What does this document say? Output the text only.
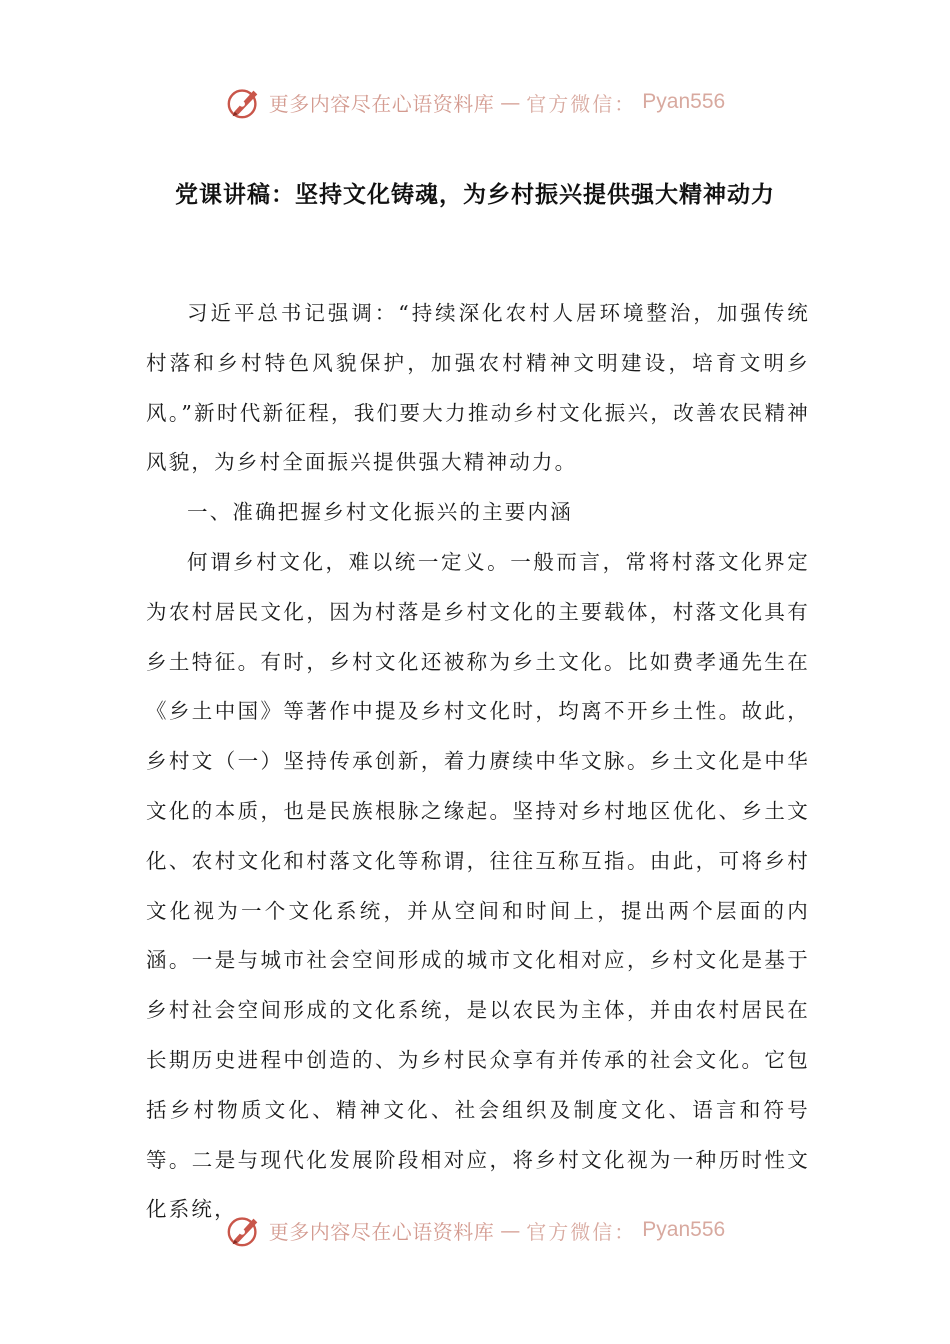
更多内容尽在心语资料库 — 官方微信： Pyan556
党课讲稿：坚持文化铸魂，为乡村振兴提供强大精神动力

习近平总书记强调：“持续深化农村人居环境整治，加强传统村落和乡村特色风貌保护，加强农村精神文明建设，培育文明乡风。”新时代新征程，我们要大力推动乡村文化振兴，改善农民精神风貌，为乡村全面振兴提供强大精神动力。

一、准确把握乡村文化振兴的主要内涵

何谓乡村文化，难以统一定义。一般而言，常将村落文化界定为农村居民文化，因为村落是乡村文化的主要载体，村落文化具有乡土特征。有时，乡村文化还被称为乡土文化。比如费孝通先生在《乡土中国》等著作中提及乡村文化时，均离不开乡土性。故此，乡村文（一）坚持传承创新，着力赓续中华文脉。乡土文化是中华文化的本质，也是民族根脉之缘起。坚持对乡村地区优化、乡土文化、农村文化和村落文化等称谓，往往互称互指。由此，可将乡村文化视为一个文化系统，并从空间和时间上，提出两个层面的内涵。一是与城市社会空间形成的城市文化相对应，乡村文化是基于乡村社会空间形成的文化系统，是以农民为主体，并由农村居民在长期历史进程中创造的、为乡村民众享有并传承的社会文化。它包括乡村物质文化、精神文化、社会组织及制度文化、语言和符号等。二是与现代化发展阶段相对应，将乡村文化视为一种历时性文化系统，

更多内容尽在心语资料库 — 官方微信： Pyan556
